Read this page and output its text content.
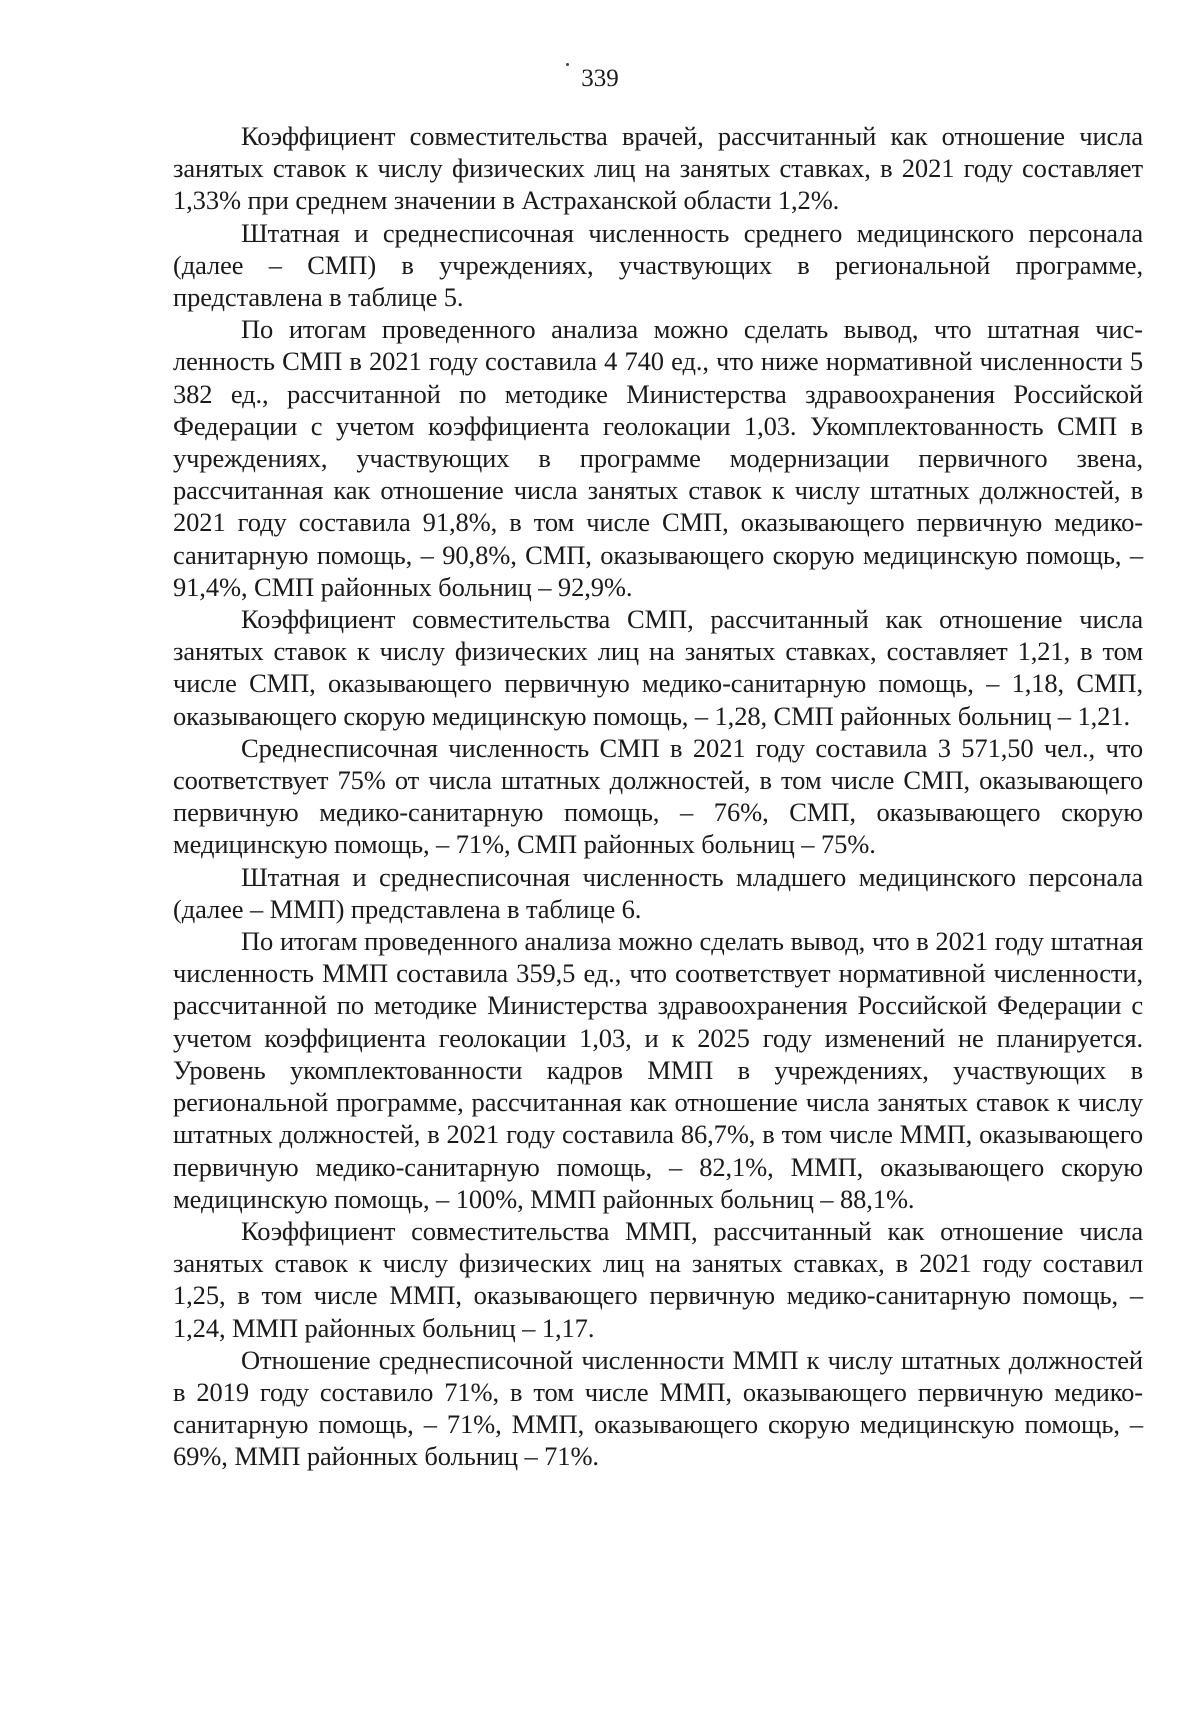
339

Коэффициент совместительства врачей, рассчитанный как отношение числа занятых ставок к числу физических лиц на занятых ставках, в 2021 году составляет 1,33% при среднем значении в Астраханской области 1,2%.

Штатная и среднесписочная численность среднего медицинского персонала (далее – СМП) в учреждениях, участвующих в региональной программе, представлена в таблице 5.

По итогам проведенного анализа можно сделать вывод, что штатная численность СМП в 2021 году составила 4 740 ед., что ниже нормативной численности 5 382 ед., рассчитанной по методике Министерства здравоохранения Российской Федерации с учетом коэффициента геолокации 1,03. Укомплектованность СМП в учреждениях, участвующих в программе модернизации первичного звена, рассчитанная как отношение числа занятых ставок к числу штатных должностей, в 2021 году составила 91,8%, в том числе СМП, оказывающего первичную медико-санитарную помощь, – 90,8%, СМП, оказывающего скорую медицинскую помощь, – 91,4%, СМП районных больниц – 92,9%.

Коэффициент совместительства СМП, рассчитанный как отношение числа занятых ставок к числу физических лиц на занятых ставках, составляет 1,21, в том числе СМП, оказывающего первичную медико-санитарную помощь, – 1,18, СМП, оказывающего скорую медицинскую помощь, – 1,28, СМП районных больниц – 1,21.

Среднесписочная численность СМП в 2021 году составила 3 571,50 чел., что соответствует 75% от числа штатных должностей, в том числе СМП, оказывающего первичную медико-санитарную помощь, – 76%, СМП, оказывающего скорую медицинскую помощь, – 71%, СМП районных больниц – 75%.

Штатная и среднесписочная численность младшего медицинского персонала (далее – ММП) представлена в таблице 6.

По итогам проведенного анализа можно сделать вывод, что в 2021 году штатная численность ММП составила 359,5 ед., что соответствует нормативной численности, рассчитанной по методике Министерства здравоохранения Российской Федерации с учетом коэффициента геолокации 1,03, и к 2025 году изменений не планируется. Уровень укомплектованности кадров ММП в учреждениях, участвующих в региональной программе, рассчитанная как отношение числа занятых ставок к числу штатных должностей, в 2021 году составила 86,7%, в том числе ММП, оказывающего первичную медико-санитарную помощь, – 82,1%, ММП, оказывающего скорую медицинскую помощь, – 100%, ММП районных больниц – 88,1%.

Коэффициент совместительства ММП, рассчитанный как отношение числа занятых ставок к числу физических лиц на занятых ставках, в 2021 году составил 1,25, в том числе ММП, оказывающего первичную медико-санитарную помощь, – 1,24, ММП районных больниц – 1,17.

Отношение среднесписочной численности ММП к числу штатных должностей в 2019 году составило 71%, в том числе ММП, оказывающего первичную медико-санитарную помощь, – 71%, ММП, оказывающего скорую медицинскую помощь, – 69%, ММП районных больниц – 71%.
